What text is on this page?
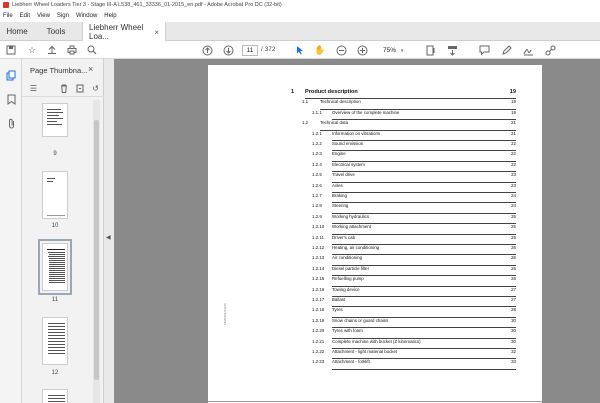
Liebherr Wheel Loaders Tier 3 - Stage III-A L538_461_33336_01-2015_en.pdf - Adobe Acrobat Pro DC (32-bit)
File Edit View Sign Window Help
Home	Tools	Liebherr Wheel Loa...	×
☆	11	/ 372	✋	75% ▾
Page Thumbna... ×
☰	↺
9
10
11
12
◀
L538/461/33336
1 Product description	19
1.1	Technical description	19
1.1.1 Overview of the complete machine	19
1.2	Technical data	21
1.2.1 Information on vibrations	21
1.2.2 Sound emission	22
1.2.3 Engine	22
1.2.4 Electrical system	22
1.2.5 Travel drive	23
1.2.6 Axles	23
1.2.7 Braking	24
1.2.8 Steering	24
1.2.9 Working hydraulics	25
1.2.10 Working attachment	25
1.2.11 Driver's cab	25
1.2.12 Heating, air conditioning	26
1.2.13 Air conditioning	26
1.2.14 Diesel particle filter	26
1.2.15 Refuelling pump	26
1.2.16 Towing device	27
1.2.17 Ballast	27
1.2.18 Tyres	28
1.2.19 Snow chains or guard chains	30
1.2.20 Tyres with foam	30
1.2.21 Complete machine with bucket (Z kinematics)	30
1.2.22 Attachment - light material bucket	32
1.2.23 Attachment - forklift	33
